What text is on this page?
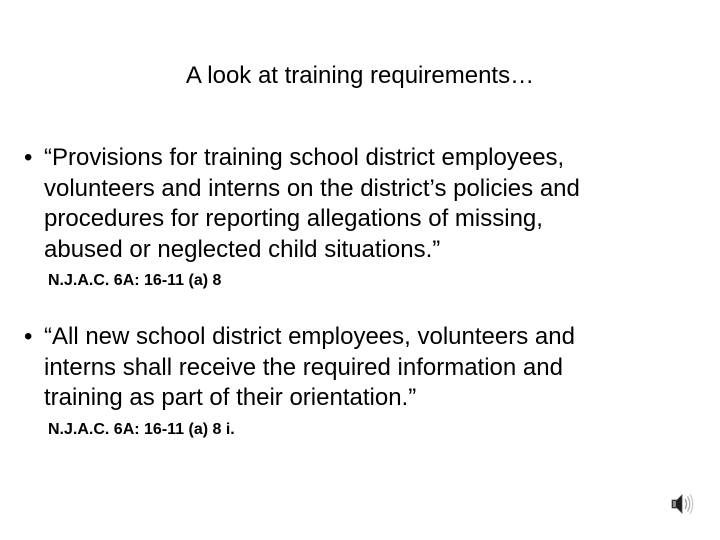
A look at training requirements…
• “Provisions for training school district employees,
volunteers and interns on the district’s policies and
procedures for reporting allegations of missing,
abused or neglected child situations.”
N.J.A.C. 6A: 16-11 (a) 8
• “All new school district employees, volunteers and
interns shall receive the required information and
training as part of their orientation.”
N.J.A.C. 6A: 16-11 (a) 8 i.
